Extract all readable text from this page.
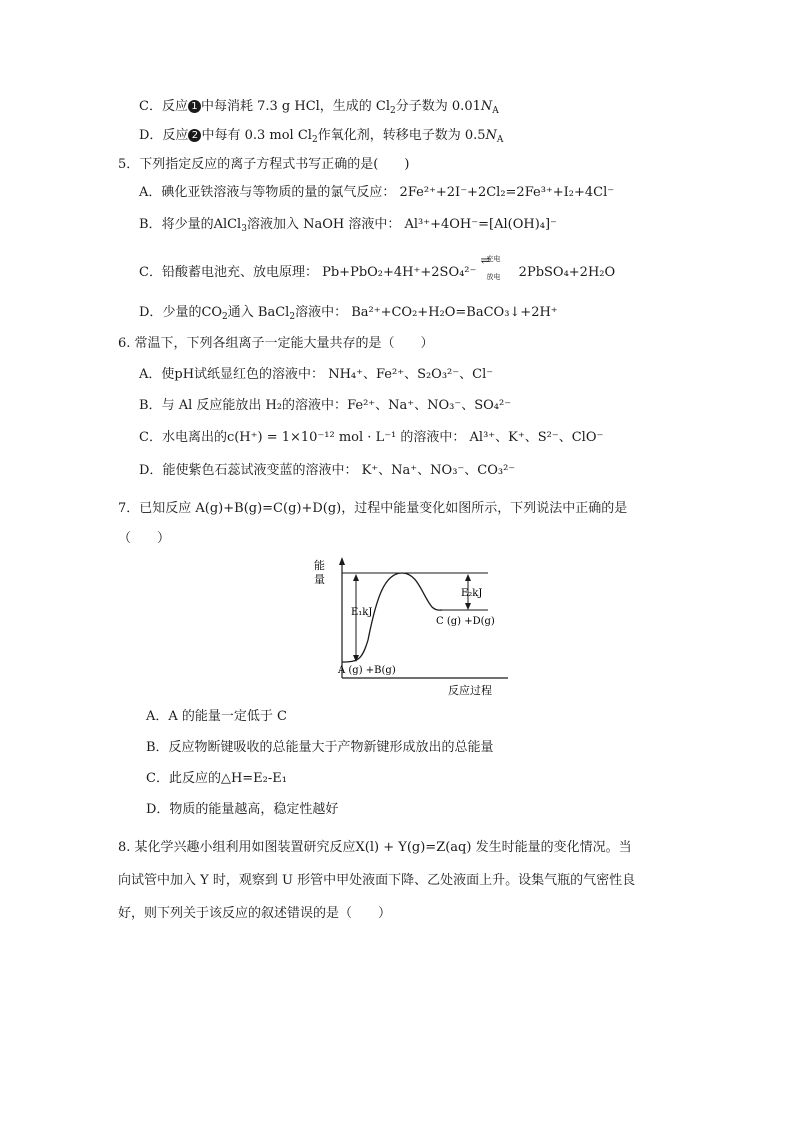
C．反应 1 中每消耗 7.3 g HCl，生成的 $Cl_2$分子数为 $0.01N_A$
D．反应 2 中每有 0.3 mol $Cl_2$作氧化剂，转移电子数为 $0.5N_A$
5．下列指定反应的离子方程式书写正确的是(　　)
A．碘化亚铁溶液与等物质的量的氯气反应： 2Fe²⁺+2I⁻+2Cl₂=2Fe³⁺+I₂+4Cl⁻
B．将少量的AlCl$_3$溶液加入 NaOH 溶液中： Al³⁺+4OH⁻=[Al(OH)₄]⁻
C．铅酸蓄电池充、放电原理： Pb+PbO₂+4H⁺+2SO₄²⁻
充电
⇌
放电 2PbSO₄+2H₂O
D．少量的$CO_2$通入 BaCl$_2$溶液中： Ba²⁺+CO₂+H₂O=BaCO₃↓+2H⁺
6. 常温下，下列各组离子一定能大量共存的是（　　）
A．使pH试纸显红色的溶液中： NH₄⁺、Fe²⁺、S₂O₃²⁻、Cl⁻
B．与 Al 反应能放出 H₂的溶液中：Fe²⁺、Na⁺、NO₃⁻、SO₄²⁻
C．水电离出的c(H⁺) = 1×10⁻¹² mol · L⁻¹ 的溶液中： Al³⁺、K⁺、S²⁻、ClO⁻
D．能使紫色石蕊试液变蓝的溶液中： K⁺、Na⁺、NO₃⁻、CO₃²⁻
7．已知反应 A(g)+B(g)=C(g)+D(g)，过程中能量变化如图所示，下列说法中正确的是
（　　）
能
量
E₁kJ
E₂kJ
C (g) +D(g)
A (g) +B(g)
反应过程
A．A 的能量一定低于 C
B．反应物断键吸收的总能量大于产物新键形成放出的总能量
C．此反应的△H=E₂-E₁
D．物质的能量越高，稳定性越好
8. 某化学兴趣小组利用如图装置研究反应X(l) + Y(g)=Z(aq) 发生时能量的变化情况。当
向试管中加入 Y 时，观察到 U 形管中甲处液面下降、乙处液面上升。设集气瓶的气密性良
好，则下列关于该反应的叙述错误的是（　　）
